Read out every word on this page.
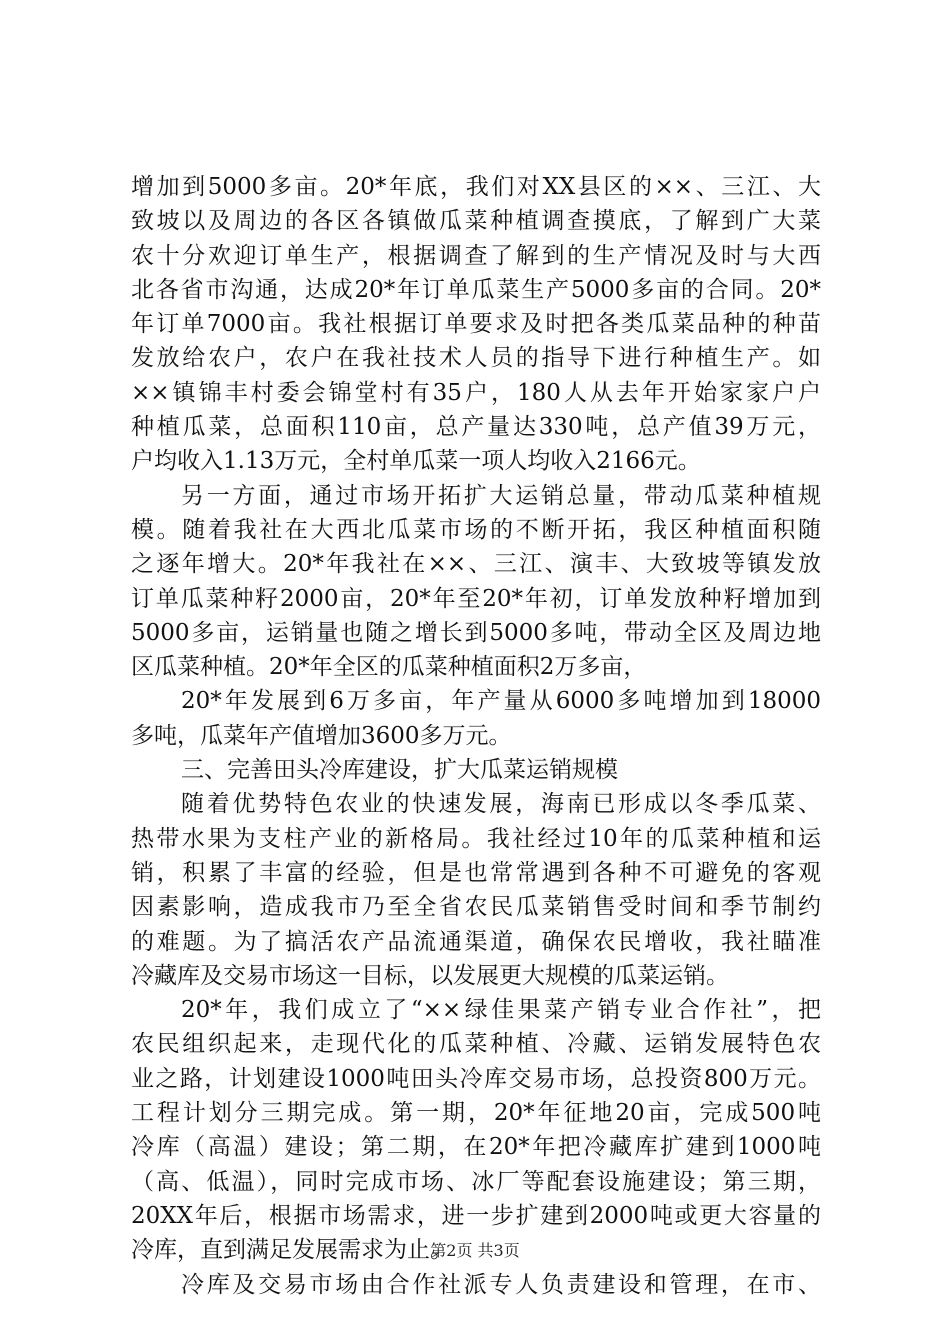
增加到5000多亩。20*年底，我们对XX县区的××、三江、大
致坡以及周边的各区各镇做瓜菜种植调查摸底，了解到广大菜
农十分欢迎订单生产，根据调查了解到的生产情况及时与大西
北各省市沟通，达成20*年订单瓜菜生产5000多亩的合同。20*
年订单7000亩。我社根据订单要求及时把各类瓜菜品种的种苗
发放给农户，农户在我社技术人员的指导下进行种植生产。如
××镇锦丰村委会锦堂村有35户，180人从去年开始家家户户
种植瓜菜，总面积110亩，总产量达330吨，总产值39万元，
户均收入1.13万元，全村单瓜菜一项人均收入2166元。
另一方面，通过市场开拓扩大运销总量，带动瓜菜种植规
模。随着我社在大西北瓜菜市场的不断开拓，我区种植面积随
之逐年增大。20*年我社在××、三江、演丰、大致坡等镇发放
订单瓜菜种籽2000亩，20*年至20*年初，订单发放种籽增加到
5000多亩，运销量也随之增长到5000多吨，带动全区及周边地
区瓜菜种植。20*年全区的瓜菜种植面积2万多亩，
20*年发展到6万多亩，年产量从6000多吨增加到18000
多吨，瓜菜年产值增加3600多万元。
三、完善田头冷库建设，扩大瓜菜运销规模
随着优势特色农业的快速发展，海南已形成以冬季瓜菜、
热带水果为支柱产业的新格局。我社经过10年的瓜菜种植和运
销，积累了丰富的经验，但是也常常遇到各种不可避免的客观
因素影响，造成我市乃至全省农民瓜菜销售受时间和季节制约
的难题。为了搞活农产品流通渠道，确保农民增收，我社瞄准
冷藏库及交易市场这一目标，以发展更大规模的瓜菜运销。
20*年，我们成立了“××绿佳果菜产销专业合作社”，把
农民组织起来，走现代化的瓜菜种植、冷藏、运销发展特色农
业之路，计划建设1000吨田头冷库交易市场，总投资800万元。
工程计划分三期完成。第一期，20*年征地20亩，完成500吨
冷库（高温）建设；第二期，在20*年把冷藏库扩建到1000吨
（高、低温），同时完成市场、冰厂等配套设施建设；第三期，
20XX年后，根据市场需求，进一步扩建到2000吨或更大容量的
冷库，直到满足发展需求为止。
冷库及交易市场由合作社派专人负责建设和管理，在市、
第2页 共3页
